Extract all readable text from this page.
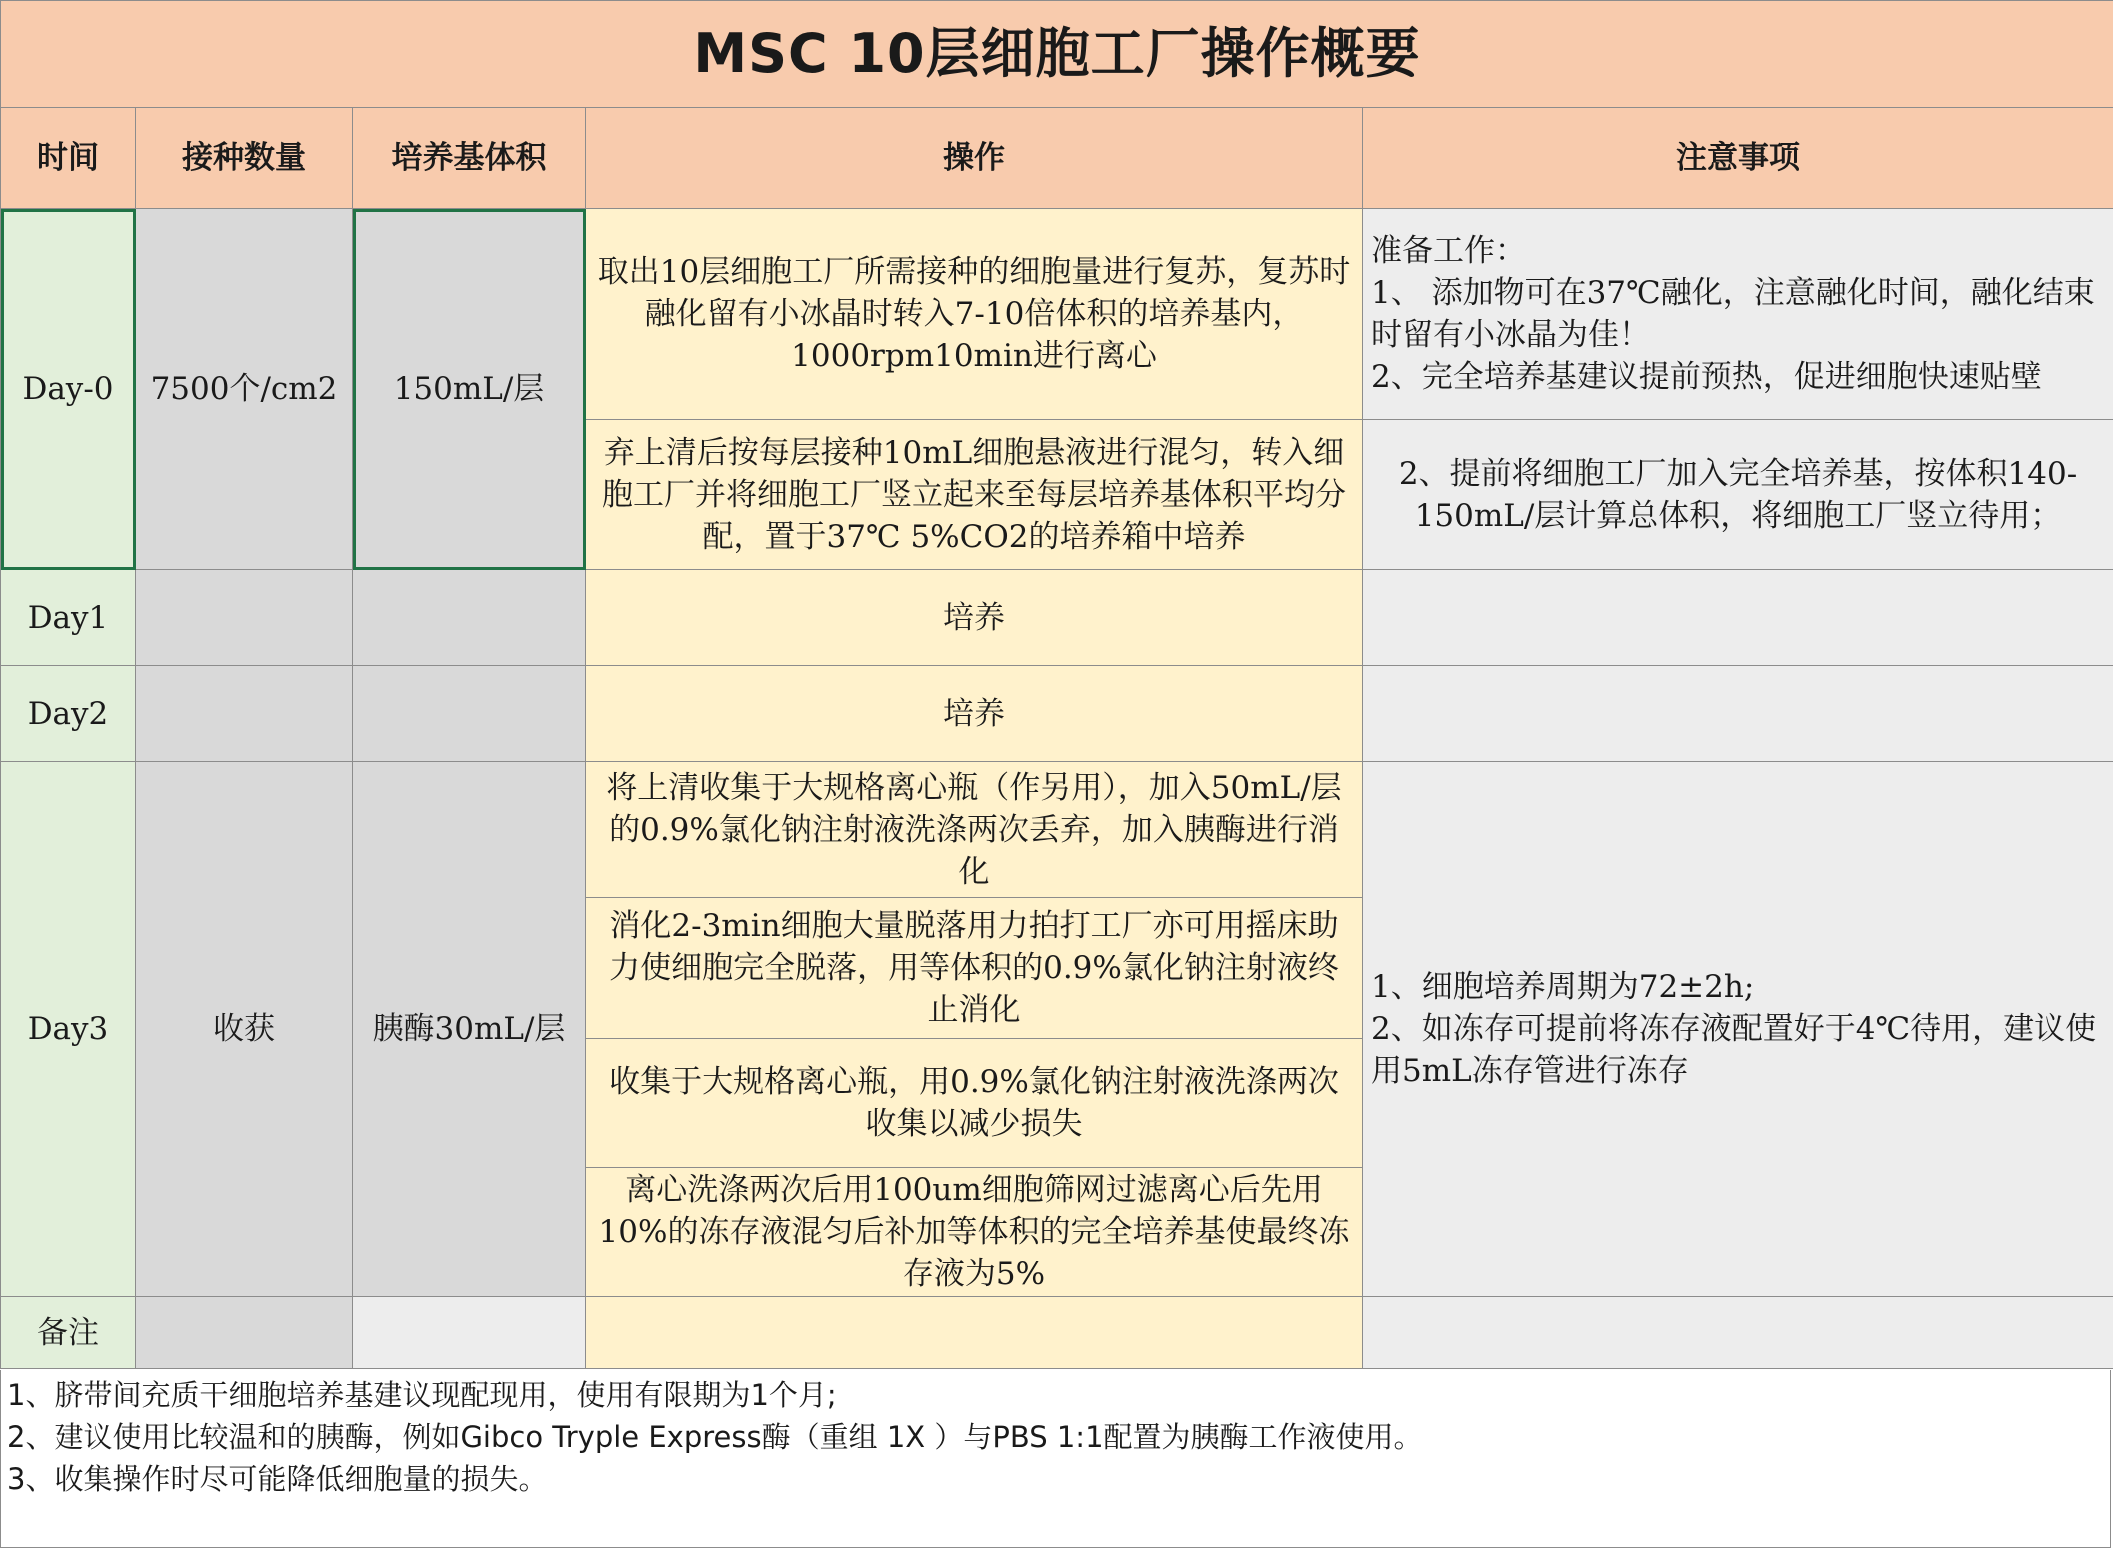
MSC 10层细胞工厂操作概要				
时间	接种数量	培养基体积	操作	注意事项
Day-0	7500个/cm2	150mL/层	取出10层细胞工厂所需接种的细胞量进行复苏，复苏时融化留有小冰晶时转入7-10倍体积的培养基内，1000rpm10min进行离心	准备工作：
1、 添加物可在37℃融化，注意融化时间，融化结束时留有小冰晶为佳！
2、完全培养基建议提前预热，促进细胞快速贴壁

			弃上清后按每层接种10mL细胞悬液进行混匀，转入细胞工厂并将细胞工厂竖立起来至每层培养基体积平均分配，置于37℃ 5%CO2的培养箱中培养	2、提前将细胞工厂加入完全培养基，按体积140-150mL/层计算总体积，将细胞工厂竖立待用；
Day1			培养	
Day2			培养	
Day3	收获	胰酶30mL/层	将上清收集于大规格离心瓶（作另用），加入50mL/层的0.9%氯化钠注射液洗涤两次丢弃，加入胰酶进行消化	1、细胞培养周期为72±2h;
2、如冻存可提前将冻存液配置好于4℃待用，建议使用5mL冻存管进行冻存

			消化2-3min细胞大量脱落用力拍打工厂亦可用摇床助力使细胞完全脱落，用等体积的0.9%氯化钠注射液终止消化	
			收集于大规格离心瓶，用0.9%氯化钠注射液洗涤两次收集以减少损失	
			离心洗涤两次后用100um细胞筛网过滤离心后先用10%的冻存液混匀后补加等体积的完全培养基使最终冻存液为5%	
备注				
1、脐带间充质干细胞培养基建议现配现用，使用有限期为1个月;
2、建议使用比较温和的胰酶，例如Gibco Tryple Express酶（重组 1X ）与PBS 1:1配置为胰酶工作液使用。
3、收集操作时尽可能降低细胞量的损失。
